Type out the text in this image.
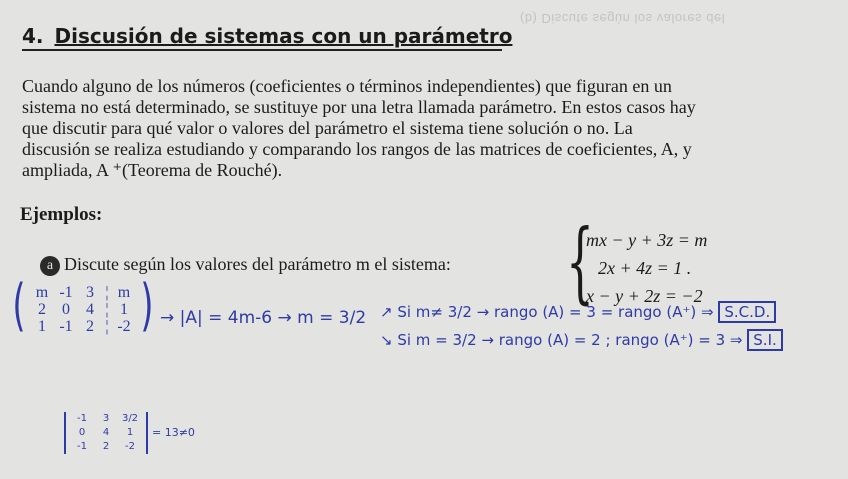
(b) Discute según los valores del
4. Discusión de sistemas con un parámetro

Cuando alguno de los números (coeficientes o términos independientes) que figuran en un

sistema no está determinado, se sustituye por una letra llamada parámetro. En estos casos hay

que discutir para qué valor o valores del parámetro el sistema tiene solución o no. La

discusión se realiza estudiando y comparando los rangos de las matrices de coeficientes, A, y

ampliada, A ⁺(Teorema de Rouché).

Ejemplos:
a Discute según los valores del parámetro m el sistema: {
mx − y + 3z = m
2x + 4z = 1 .
x − y + 2z = −2
( m -1 3 ¦ m
2 0 4 ¦ 1
1 -1 2 ¦ -2 ) → |A| = 4m-6 → m = 3/2 ↗ Si m≠ 3/2 → rango (A) = 3 = rango (A⁺) ⇒ S.C.D.
↘ Si m = 3/2 → rango (A) = 2 ; rango (A⁺) = 3 ⇒ S.I.
-1 3 3/2
0 4 1
-1 2 -2
= 13≠0
